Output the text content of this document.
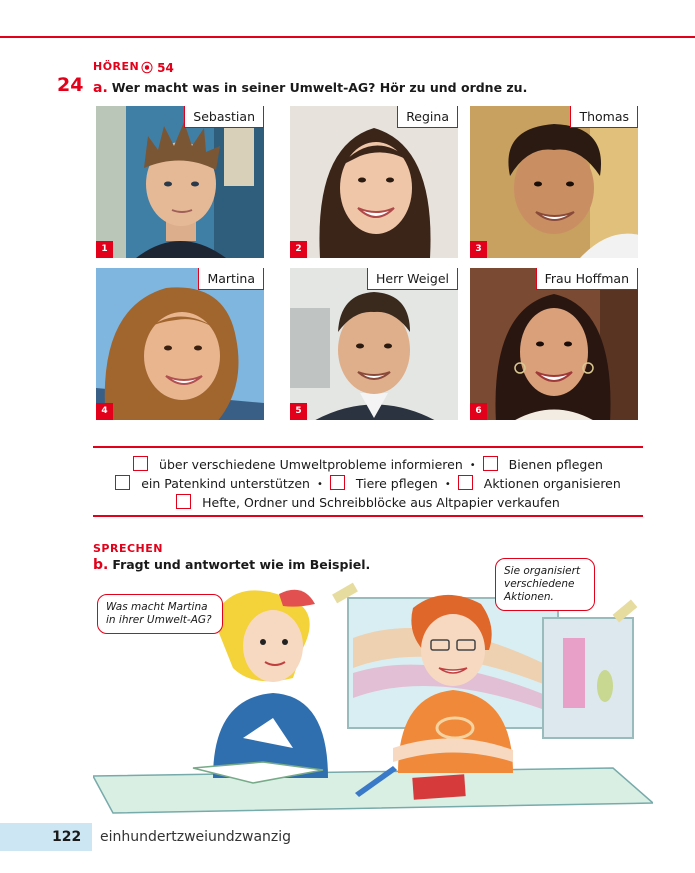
HÖREN ⦿ 54
24 a. Wer macht was in seiner Umwelt-AG? Hör zu und ordne zu.
Sebastian
1
Regina
2
Thomas
3
Martina
4
Herr Weigel
5
Frau Hoffman
6
über verschiedene Umweltprobleme informieren •	Bienen pflegen
ein Patenkind unterstützen •	Tiere pflegen •	Aktionen organisieren
Hefte, Ordner und Schreibblöcke aus Altpapier verkaufen
SPRECHEN
b. Fragt und antwortet wie im Beispiel.
Was macht Martina in ihrer Umwelt-AG?
Sie organisiert verschiedene Aktionen.
122 einhundertzweiundzwanzig
